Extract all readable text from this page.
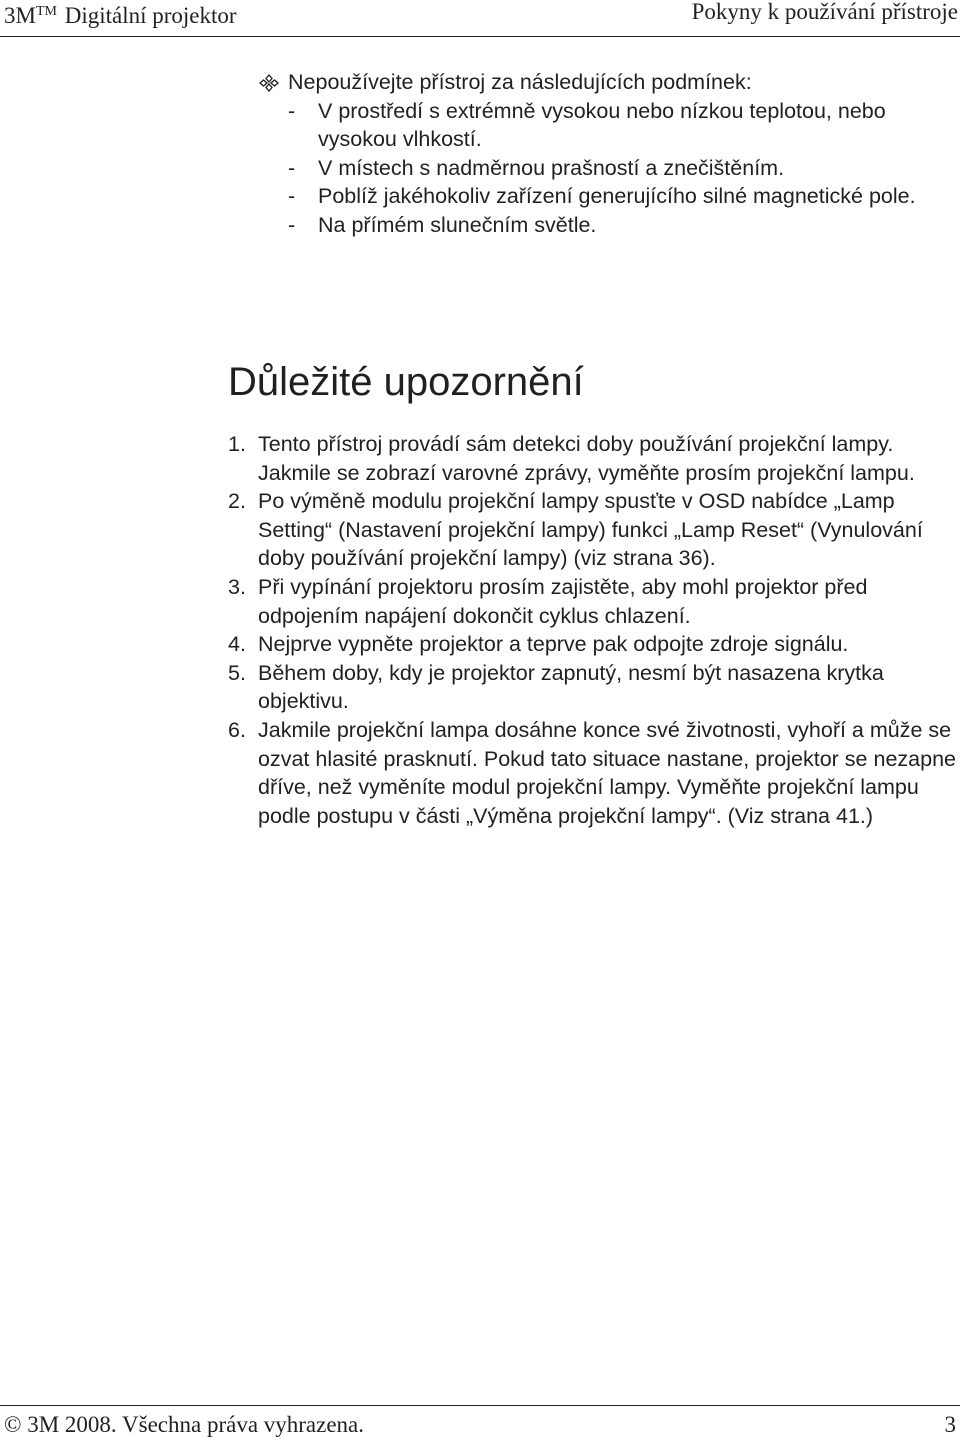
3M™ Digitální projektor	Pokyny k používání přístroje
Nepoužívejte přístroj za následujících podmínek:
- V prostředí s extrémně vysokou nebo nízkou teplotou, nebo vysokou vlhkostí.
- V místech s nadměrnou prašností a znečištěním.
- Poblíž jakéhokoliv zařízení generujícího silné magnetické pole.
- Na přímém slunečním světle.
Důležité upozornění
1. Tento přístroj provádí sám detekci doby používání projekční lampy. Jakmile se zobrazí varovné zprávy, vyměňte prosím projekční lampu.
2. Po výměně modulu projekční lampy spusťte v OSD nabídce „Lamp Setting“ (Nastavení projekční lampy) funkci „Lamp Reset“ (Vynulování doby používání projekční lampy) (viz strana 36).
3. Při vypínání projektoru prosím zajistěte, aby mohl projektor před odpojením napájení dokončit cyklus chlazení.
4. Nejprve vypněte projektor a teprve pak odpojte zdroje signálu.
5. Během doby, kdy je projektor zapnutý, nesmí být nasazena krytka objektivu.
6. Jakmile projekční lampa dosáhne konce své životnosti, vyhoří a může se ozvat hlasité prasknutí. Pokud tato situace nastane, projektor se nezapne dříve, než vyměníte modul projekční lampy. Vyměňte projekční lampu podle postupu v části „Výměna projekční lampy“. (Viz strana 41.)
© 3M 2008. Všechna práva vyhrazena.	3
